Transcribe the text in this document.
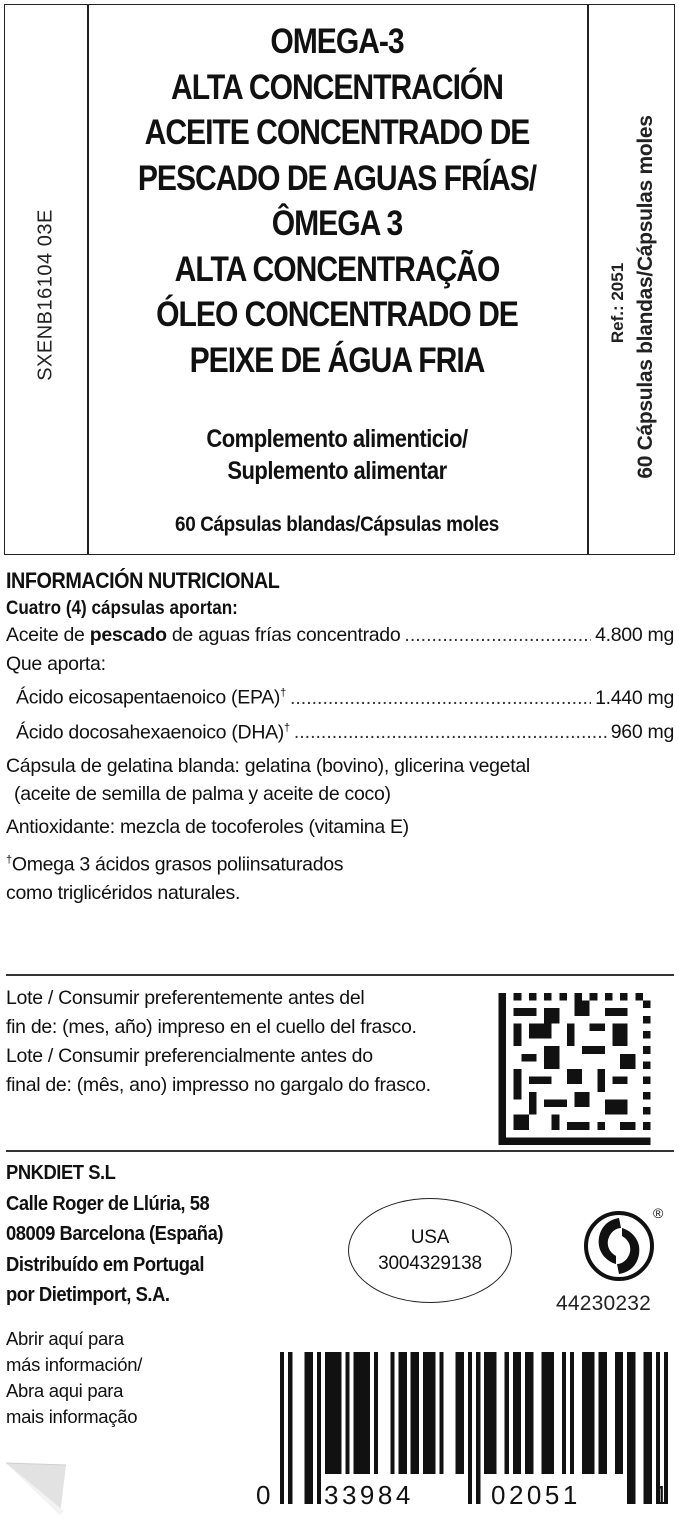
SXENB16104 03E
OMEGA-3
ALTA CONCENTRACIÓN
ACEITE CONCENTRADO DE
PESCADO DE AGUAS FRÍAS/
ÔMEGA 3
ALTA CONCENTRAÇÃO
ÓLEO CONCENTRADO DE
PEIXE DE ÁGUA FRIA
Complemento alimenticio/
Suplemento alimentar
60 Cápsulas blandas/Cápsulas moles
Ref.: 2051 60 Cápsulas blandas/Cápsulas moles
INFORMACIÓN NUTRICIONAL
Cuatro (4) cápsulas aportan:
Aceite de pescado de aguas frías concentrado .....	4.800 mg
Que aporta:
Ácido eicosapentaenoico (EPA)† .....	1.440 mg
Ácido docosahexaenoico (DHA)† .....	960 mg
Cápsula de gelatina blanda: gelatina (bovino), glicerina vegetal
(aceite de semilla de palma y aceite de coco)
Antioxidante: mezcla de tocoferoles (vitamina E)
†Omega 3 ácidos grasos poliinsaturados
como triglicéridos naturales.
Lote / Consumir preferentemente antes del
fin de: (mes, año) impreso en el cuello del frasco.
Lote / Consumir preferencialmente antes do
final de: (mês, ano) impresso no gargalo do frasco.
PNKDIET S.L
Calle Roger de Llúria, 58
08009 Barcelona (España)
Distribuído em Portugal
por Dietimport, S.A.
USA
3004329138
®
44230232
Abrir aquí para
más información/
Abra aqui para
mais informação
0 33984	02051	1
